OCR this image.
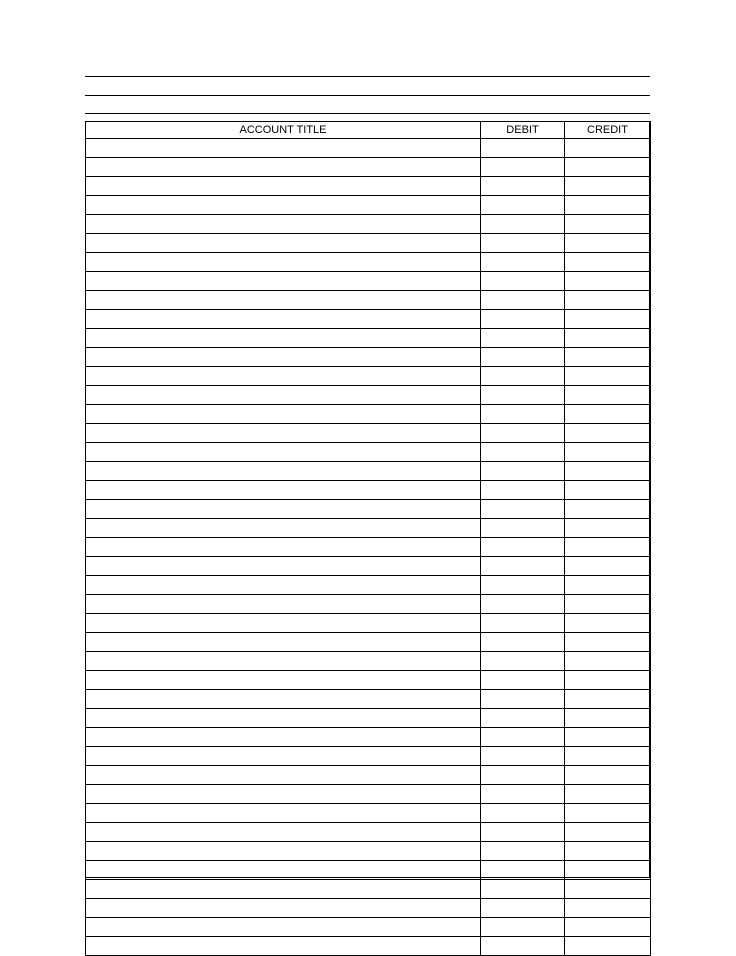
ACCOUNT TITLE	DEBIT	CREDIT
